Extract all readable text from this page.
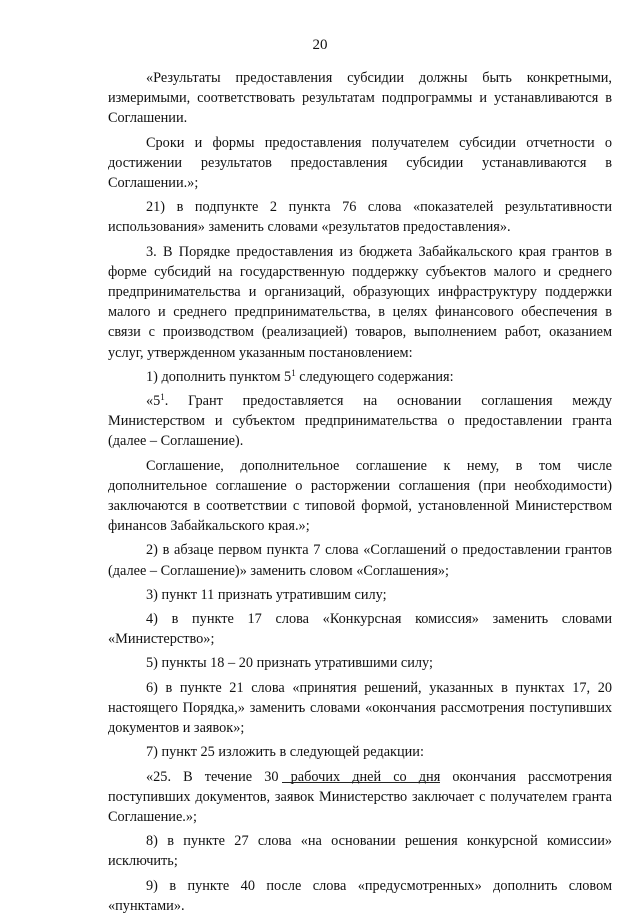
20

«Результаты предоставления субсидии должны быть конкретными, измеримыми, соответствовать результатам подпрограммы и устанавливаются в Соглашении.

Сроки и формы предоставления получателем субсидии отчетности о достижении результатов предоставления субсидии устанавливаются в Соглашении.»;

21) в подпункте 2 пункта 76 слова «показателей результативности использования» заменить словами «результатов предоставления».

3. В Порядке предоставления из бюджета Забайкальского края грантов в форме субсидий на государственную поддержку субъектов малого и среднего предпринимательства и организаций, образующих инфраструктуру поддержки малого и среднего предпринимательства, в целях финансового обеспечения в связи с производством (реализацией) товаров, выполнением работ, оказанием услуг, утвержденном указанным постановлением:

1) дополнить пунктом $5^1$ следующего содержания:

«$5^1$. Грант предоставляется на основании соглашения между Министерством и субъектом предпринимательства о предоставлении гранта (далее – Соглашение).

Соглашение, дополнительное соглашение к нему, в том числе дополнительное соглашение о расторжении соглашения (при необходимости) заключаются в соответствии с типовой формой, установленной Министерством финансов Забайкальского края.»;

2) в абзаце первом пункта 7 слова «Соглашений о предоставлении грантов (далее – Соглашение)» заменить словом «Соглашения»;

3) пункт 11 признать утратившим силу;

4) в пункте 17 слова «Конкурсная комиссия» заменить словами «Министерство»;

5) пункты 18 – 20 признать утратившими силу;

6) в пункте 21 слова «принятия решений, указанных в пунктах 17, 20 настоящего Порядка,» заменить словами «окончания рассмотрения поступивших документов и заявок»;

7) пункт 25 изложить в следующей редакции:

«25. В течение 30 рабочих дней со дня окончания рассмотрения поступивших документов, заявок Министерство заключает с получателем гранта Соглашение.»;

8) в пункте 27 слова «на основании решения конкурсной комиссии» исключить;

9) в пункте 40 после слова «предусмотренных» дополнить словом «пунктами».
